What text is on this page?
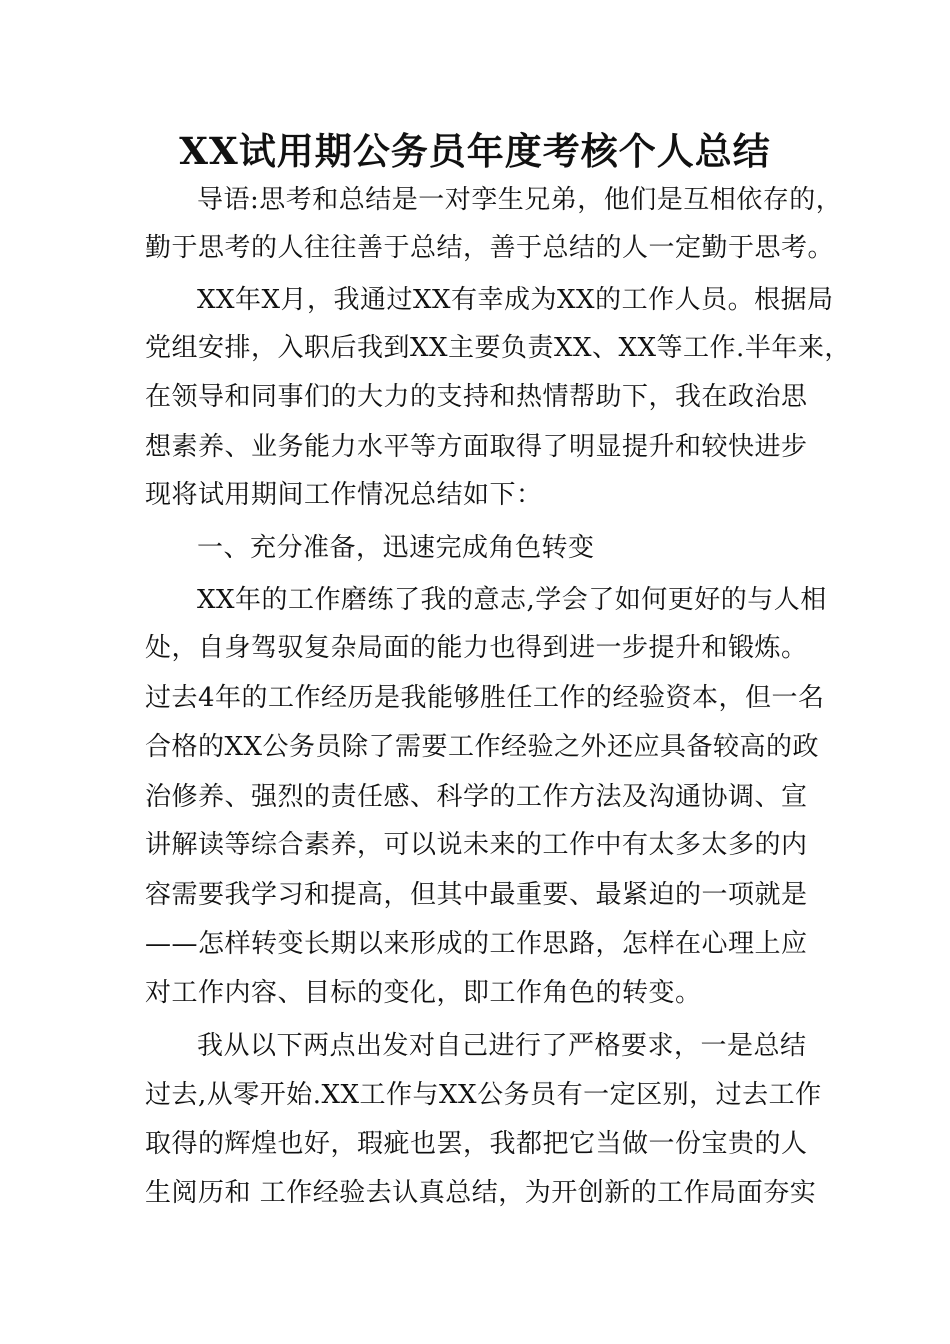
XX试用期公务员年度考核个人总结
导语:思考和总结是一对孪生兄弟，他们是互相依存的，
勤于思考的人往往善于总结，善于总结的人一定勤于思考。
XX年X月，我通过XX有幸成为XX的工作人员。根据局
党组安排，入职后我到XX主要负责XX、XX等工作.半年来，
在领导和同事们的大力的支持和热情帮助下，我在政治思
想素养、业务能力水平等方面取得了明显提升和较快进步
现将试用期间工作情况总结如下：
一、充分准备，迅速完成角色转变
XX年的工作磨练了我的意志,学会了如何更好的与人相
处，自身驾驭复杂局面的能力也得到进一步提升和锻炼。
过去4年的工作经历是我能够胜任工作的经验资本，但一名
合格的XX公务员除了需要工作经验之外还应具备较高的政
治修养、强烈的责任感、科学的工作方法及沟通协调、宣
讲解读等综合素养，可以说未来的工作中有太多太多的内
容需要我学习和提高，但其中最重要、最紧迫的一项就是
——怎样转变长期以来形成的工作思路，怎样在心理上应
对工作内容、目标的变化，即工作角色的转变。
我从以下两点出发对自己进行了严格要求，一是总结
过去,从零开始.XX工作与XX公务员有一定区别，过去工作
取得的辉煌也好，瑕疵也罢，我都把它当做一份宝贵的人
生阅历和 工作经验去认真总结，为开创新的工作局面夯实
